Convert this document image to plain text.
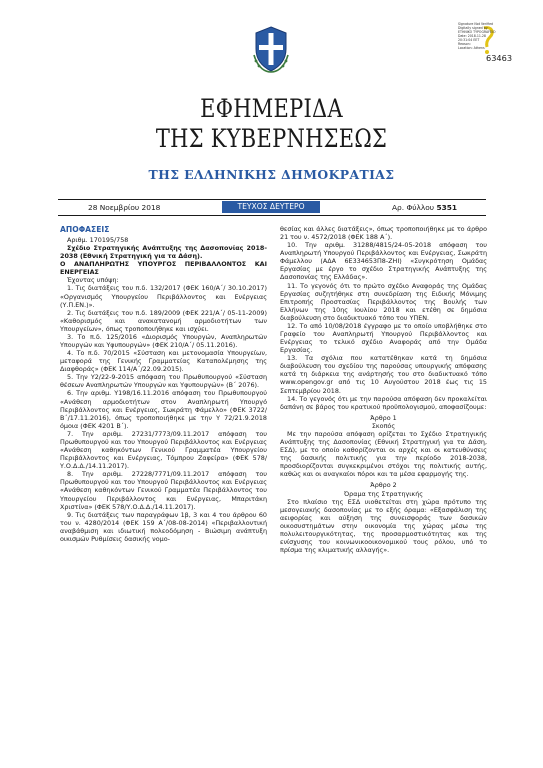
Signature Not Verified
Digitally signed by
ETHNIKO TYPOGRAFEIO
Date: 2018.11.28
20:31:04 EET
Reason:
Location: Athens
63463
ΕΦΗΜΕΡΙΔΑ
ΤΗΣ ΚΥΒΕΡΝΗΣΕΩΣ
ΤΗΣ ΕΛΛΗΝΙΚΗΣ ΔΗΜΟΚΡΑΤΙΑΣ
28 Νοεμβρίου 2018	ΤΕΥΧΟΣ ΔΕΥΤΕΡΟ	Αρ. Φύλλου 5351

ΑΠΟΦΑΣΕΙΣ

Αριθμ. 170195/758

Σχέδιο Στρατηγικής Ανάπτυξης της Δασοπονίας 2018-2038 (Εθνική Στρατηγική για τα Δάση).

Ο ΑΝΑΠΛΗΡΩΤΗΣ ΥΠΟΥΡΓΟΣ ΠΕΡΙΒΑΛΛΟΝΤΟΣ ΚΑΙ ΕΝΕΡΓΕΙΑΣ

Έχοντας υπόψη:

1. Τις διατάξεις του π.δ. 132/2017 (ΦΕΚ 160/Α΄/ 30.10.2017) «Οργανισμός Υπουργείου Περιβάλλοντος και Ενέργειας (Υ.Π.ΕΝ.)».

2. Τις διατάξεις του π.δ. 189/2009 (ΦΕΚ 221/Α΄/ 05-11-2009) «Καθορισμός και ανακατανομή αρμοδιοτήτων των Υπουργείων», όπως τροποποιήθηκε και ισχύει.

3. Το π.δ. 125/2016 «Διορισμός Υπουργών, Αναπληρωτών Υπουργών και Υφυπουργών» (ΦΕΚ 210/Α΄/ 05.11.2016).

4. Το π.δ. 70/2015 «Σύσταση και μετονομασία Υπουργείων, μεταφορά της Γενικής Γραμματείας Καταπολέμησης της Διαφθοράς» (ΦΕΚ 114/Α΄/22.09.2015).

5. Την Υ2/22-9-2015 απόφαση του Πρωθυπουργού «Σύσταση θέσεων Αναπληρωτών Υπουργών και Υφυπουργών» (Β΄ 2076).

6. Την αριθμ. Υ198/16.11.2016 απόφαση του Πρωθυπουργού «Ανάθεση αρμοδιοτήτων στον Αναπληρωτή Υπουργό Περιβάλλοντος και Ενέργειας, Σωκράτη Φάμελλο» (ΦΕΚ 3722/Β΄/17.11.2016), όπως τροποποιήθηκε με την Υ 72/21.9.2018 όμοια (ΦΕΚ 4201 Β΄).

7. Την αριθμ. 27231/7773/09.11.2017 απόφαση του Πρωθυπουργού και του Υπουργού Περιβάλλοντος και Ενέργειας «Ανάθεση καθηκόντων Γενικού Γραμματέα Υπουργείου Περιβάλλοντος και Ενέργειας, Τόμπρου Ζαφείρα» (ΦΕΚ 578/Υ.Ο.Δ.Δ./14.11.2017).

8. Την αριθμ. 27228/7771/09.11.2017 απόφαση του Πρωθυπουργού και του Υπουργού Περιβάλλοντος και Ενέργειας «Ανάθεση καθηκόντων Γενικού Γραμματέα Περιβάλλοντος του Υπουργείου Περιβάλλοντος και Ενέργειας, Μπαριτάκη Χριστίνα» (ΦΕΚ 578/Υ.Ο.Δ.Δ./14.11.2017).

9. Τις διατάξεις των παραγράφων 1β, 3 και 4 του άρθρου 60 του ν. 4280/2014 (ΦΕΚ 159 Α΄/08-08-2014) «Περιβαλλοντική αναβάθμιση και ιδιωτική πολεοδόμηση - Βιώσιμη ανάπτυξη οικισμών Ρυθμίσεις δασικής νομο-

θεσίας και άλλες διατάξεις», όπως τροποποιήθηκε με το άρθρο 21 του ν. 4572/2018 (ΦΕΚ 188 Α΄).

10. Την αριθμ. 31288/4815/24-05-2018 απόφαση του Αναπληρωτή Υπουργού Περιβάλλοντος και Ενέργειας, Σωκράτη Φάμελλου (ΑΔΑ 6Ε334653Π8-ΖΗΙ) «Συγκρότηση Ομάδας Εργασίας με έργο το σχέδιο Στρατηγικής Ανάπτυξης της Δασοπονίας της Ελλάδας».

11. Το γεγονός ότι το πρώτο σχέδιο Αναφοράς της Ομάδας Εργασίας συζητήθηκε στη συνεδρίαση της Ειδικής Μόνιμης Επιτροπής Προστασίας Περιβάλλοντος της Βουλής των Ελλήνων της 10ης Ιουλίου 2018 και ετέθη σε δημόσια διαβούλευση στο διαδικτυακό τόπο του ΥΠΕΝ.

12. Το από 10/08/2018 έγγραφο με το οποίο υποβλήθηκε στο Γραφείο του Αναπληρωτή Υπουργού Περιβάλλοντος και Ενέργειας το τελικό σχέδιο Αναφοράς από την Ομάδα Εργασίας.

13. Τα σχόλια που κατατέθηκαν κατά τη δημόσια διαβούλευση του σχεδίου της παρούσας υπουργικής απόφασης κατά τη διάρκεια της ανάρτησής του στο διαδικτυακό τόπο www.opengov.gr από τις 10 Αυγούστου 2018 έως τις 15 Σεπτεμβρίου 2018.

14. Το γεγονός ότι με την παρούσα απόφαση δεν προκαλείται δαπάνη σε βάρος του κρατικού προϋπολογισμού, αποφασίζουμε:

Άρθρο 1

Σκοπός

Με την παρούσα απόφαση ορίζεται το Σχέδιο Στρατηγικής Ανάπτυξης της Δασοπονίας (Εθνική Στρατηγική για τα Δάση, ΕΣΔ), με το οποίο καθορίζονται οι αρχές και οι κατευθύνσεις της δασικής πολιτικής για την περίοδο 2018-2038, προσδιορίζονται συγκεκριμένοι στόχοι της πολιτικής αυτής, καθώς και οι αναγκαίοι πόροι και τα μέσα εφαρμογής της.

Άρθρο 2

Όραμα της Στρατηγικής

Στο πλαίσιο της ΕΣΔ υιοθετείται στη χώρα πρότυπο της μεσογειακής δασοπονίας με το εξής όραμα: «Εξασφάλιση της αειφορίας και αύξηση της συνεισφοράς των δασικών οικοσυστημάτων στην οικονομία της χώρας μέσω της πολυλειτουργικότητας, της προσαρμοστικότητας και της ενίσχυσης του κοινωνικοοικονομικού τους ρόλου, υπό το πρίσμα της κλιματικής αλλαγής».
